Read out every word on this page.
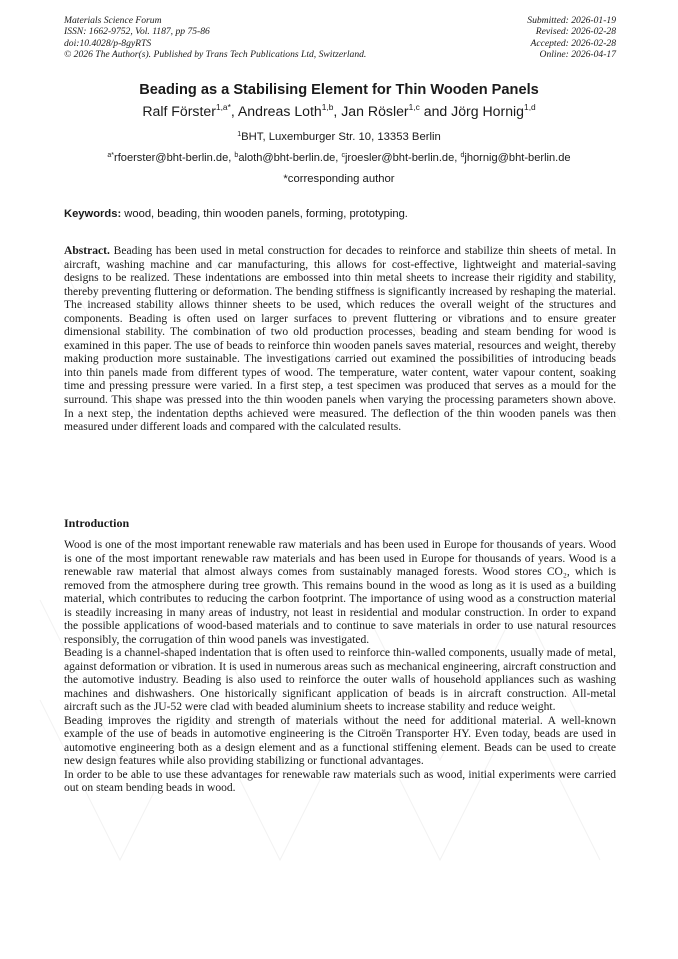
Materials Science Forum
ISSN: 1662-9752, Vol. 1187, pp 75-86
doi:10.4028/p-8gyRTS
© 2026 The Author(s). Published by Trans Tech Publications Ltd, Switzerland.
Submitted: 2026-01-19
Revised: 2026-02-28
Accepted: 2026-02-28
Online: 2026-04-17
Beading as a Stabilising Element for Thin Wooden Panels
Ralf Förster$^{1,a*}$, Andreas Loth$^{1,b}$, Jan Rösler$^{1,c}$ and Jörg Hornig$^{1,d}$
$^1$BHT, Luxemburger Str. 10, 13353 Berlin
$^{a*}$rfoerster@bht-berlin.de, $^b$aloth@bht-berlin.de, $^c$jroesler@bht-berlin.de, $^d$jhornig@bht-berlin.de
*corresponding author
Keywords: wood, beading, thin wooden panels, forming, prototyping.

Abstract. Beading has been used in metal construction for decades to reinforce and stabilize thin sheets of metal. In aircraft, washing machine and car manufacturing, this allows for cost-effective, lightweight and material-saving designs to be realized. These indentations are embossed into thin metal sheets to increase their rigidity and stability, thereby preventing fluttering or deformation. The bending stiffness is significantly increased by reshaping the material. The increased stability allows thinner sheets to be used, which reduces the overall weight of the structures and components. Beading is often used on larger surfaces to prevent fluttering or vibrations and to ensure greater dimensional stability. The combination of two old production processes, beading and steam bending for wood is examined in this paper. The use of beads to reinforce thin wooden panels saves material, resources and weight, thereby making production more sustainable. The investigations carried out examined the possibilities of introducing beads into thin panels made from different types of wood. The temperature, water content, water vapour content, soaking time and pressing pressure were varied. In a first step, a test specimen was produced that serves as a mould for the surround. This shape was pressed into the thin wooden panels when varying the processing parameters shown above. In a next step, the indentation depths achieved were measured. The deflection of the thin wooden panels was then measured under different loads and compared with the calculated results.

Introduction

Wood is one of the most important renewable raw materials and has been used in Europe for thousands of years. Wood is one of the most important renewable raw materials and has been used in Europe for thousands of years. Wood is a renewable raw material that almost always comes from sustainably managed forests. Wood stores CO₂, which is removed from the atmosphere during tree growth. This remains bound in the wood as long as it is used as a building material, which contributes to reducing the carbon footprint. The importance of using wood as a construction material is steadily increasing in many areas of industry, not least in residential and modular construction. In order to expand the possible applications of wood-based materials and to continue to save materials in order to use natural resources responsibly, the corrugation of thin wood panels was investigated.

Beading is a channel-shaped indentation that is often used to reinforce thin-walled components, usually made of metal, against deformation or vibration. It is used in numerous areas such as mechanical engineering, aircraft construction and the automotive industry. Beading is also used to reinforce the outer walls of household appliances such as washing machines and dishwashers. One historically significant application of beads is in aircraft construction. All-metal aircraft such as the JU-52 were clad with beaded aluminium sheets to increase stability and reduce weight.

Beading improves the rigidity and strength of materials without the need for additional material. A well-known example of the use of beads in automotive engineering is the Citroën Transporter HY. Even today, beads are used in automotive engineering both as a design element and as a functional stiffening element. Beads can be used to create new design features while also providing stabilizing or functional advantages.

In order to be able to use these advantages for renewable raw materials such as wood, initial experiments were carried out on steam bending beads in wood.
